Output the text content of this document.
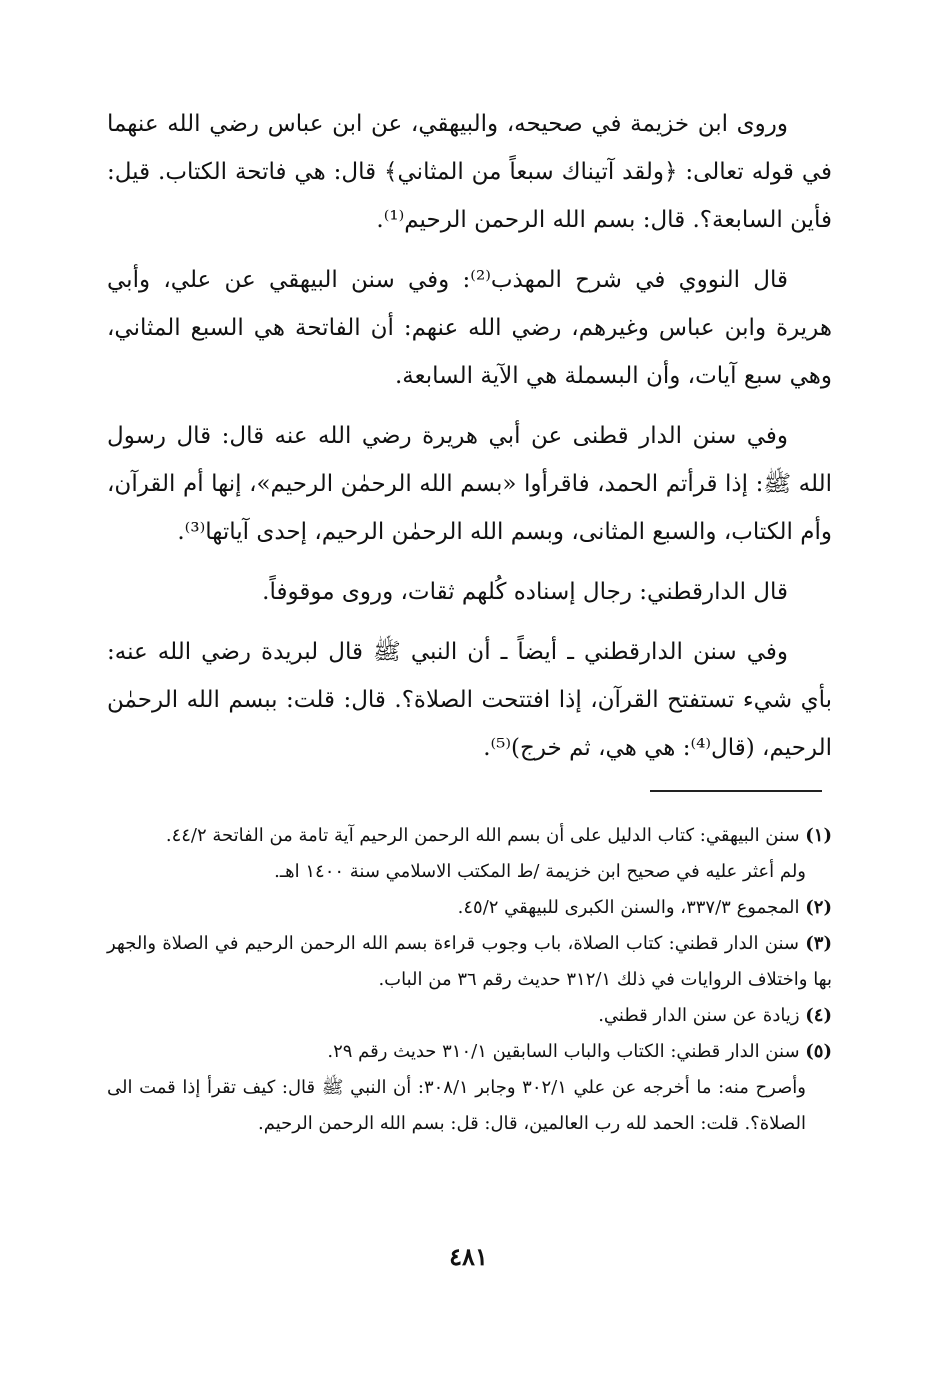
وروى ابن خزيمة في صحيحه، والبيهقي، عن ابن عباس رضي الله عنهما في قوله تعالى: ﴿ولقد آتيناك سبعاً من المثاني﴾ قال: هي فاتحة الكتاب. قيل: فأين السابعة؟. قال: بسم الله الرحمن الرحيم⁽¹⁾.

قال النووي في شرح المهذب⁽²⁾: وفي سنن البيهقي عن علي، وأبي هريرة وابن عباس وغيرهم، رضي الله عنهم: أن الفاتحة هي السبع المثاني، وهي سبع آيات، وأن البسملة هي الآية السابعة.

وفي سنن الدار قطنى عن أبي هريرة رضي الله عنه قال: قال رسول الله ﷺ: إذا قرأتم الحمد، فاقرأوا «بسم الله الرحمٰن الرحيم»، إنها أم القرآن، وأم الكتاب، والسبع المثانى، وبسم الله الرحمٰن الرحيم، إحدى آياتها⁽³⁾.

قال الدارقطني: رجال إسناده كُلهم ثقات، وروى موقوفاً.

وفي سنن الدارقطني ـ أيضاً ـ أن النبي ﷺ قال لبريدة رضي الله عنه: بأي شيء تستفتح القرآن، إذا افتتحت الصلاة؟. قال: قلت: ببسم الله الرحمٰن الرحيم، (قال⁽⁴⁾: هي هي، ثم خرج)⁽⁵⁾.

(١) سنن البيهقي: كتاب الدليل على أن بسم الله الرحمن الرحيم آية تامة من الفاتحة ٤٤/٢.

ولم أعثر عليه في صحيح ابن خزيمة /ط المكتب الاسلامي سنة ١٤٠٠ اهـ.

(٢) المجموع ٣٣٧/٣، والسنن الكبرى للبيهقي ٤٥/٢.

(٣) سنن الدار قطني: كتاب الصلاة، باب وجوب قراءة بسم الله الرحمن الرحيم في الصلاة والجهر بها واختلاف الروايات في ذلك ٣١٢/١ حديث رقم ٣٦ من الباب.

(٤) زيادة عن سنن الدار قطني.

(٥) سنن الدار قطني: الكتاب والباب السابقين ٣١٠/١ حديث رقم ٢٩.

وأصرح منه: ما أخرجه عن علي ٣٠٢/١ وجابر ٣٠٨/١: أن النبي ﷺ قال: كيف تقرأ إذا قمت الى الصلاة؟. قلت: الحمد لله رب العالمين، قال: قل: بسم الله الرحمن الرحيم.

٤٨١
